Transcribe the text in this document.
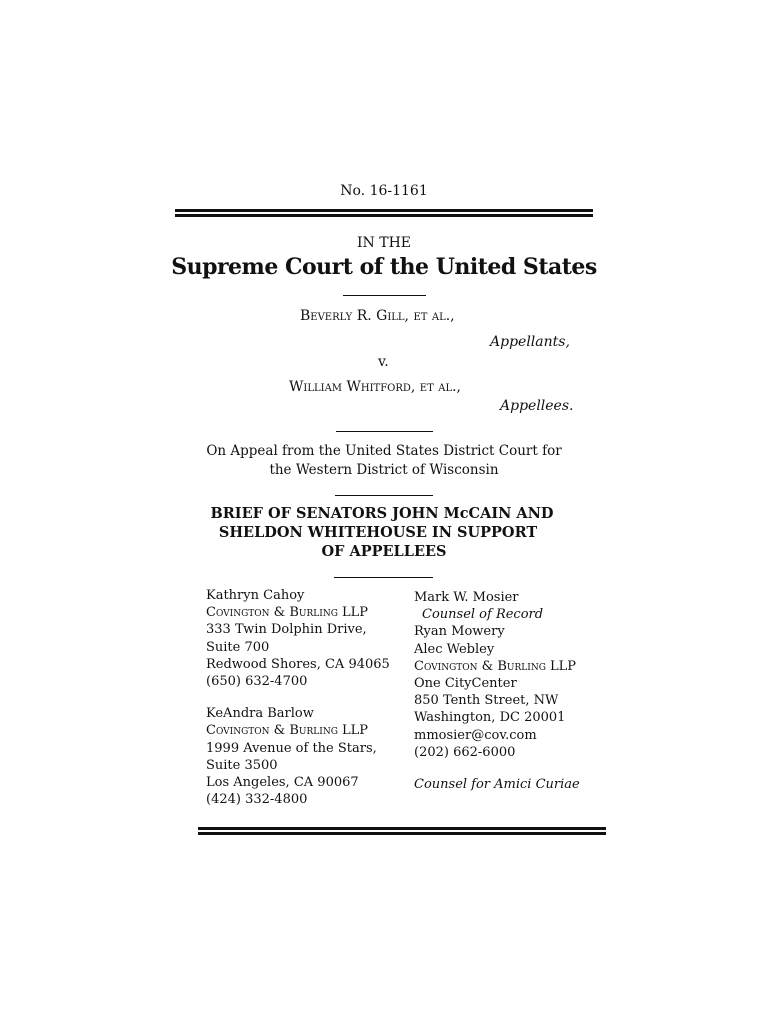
No. 16-1161
IN THE
Supreme Court of the United States
Beverly R. Gill, et al.,
Appellants,
v.
William Whitford, et al.,
Appellees.
On Appeal from the United States District Court for
the Western District of Wisconsin
BRIEF OF SENATORS JOHN McCAIN AND
SHELDON WHITEHOUSE IN SUPPORT
OF APPELLEES
Kathryn Cahoy
Covington & Burling LLP
333 Twin Dolphin Drive,
Suite 700
Redwood Shores, CA 94065
(650) 632-4700
KeAndra Barlow
Covington & Burling LLP
1999 Avenue of the Stars,
Suite 3500
Los Angeles, CA 90067
(424) 332-4800
Mark W. Mosier
Counsel of Record
Ryan Mowery
Alec Webley
Covington & Burling LLP
One CityCenter
850 Tenth Street, NW
Washington, DC 20001
mmosier@cov.com
(202) 662-6000
Counsel for Amici Curiae
